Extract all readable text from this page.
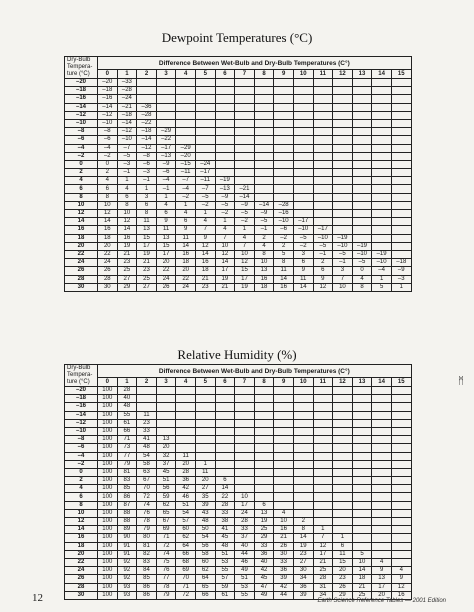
Dewpoint Temperatures (°C)
Dry-Bulb Tempera- ture (°C)	Difference Between Wet-Bulb and Dry-Bulb Temperatures (C°)															
	0	1	2	3	4	5	6	7	8	9	10	11	12	13	14	15
–20	–20	–33														
–18	–18	–28														
–16	–16	–24														
–14	–14	–21	–36													
–12	–12	–18	–28													
–10	–10	–14	–22													
–8	–8	–12	–18	–29												
–6	–6	–10	–14	–22												
–4	–4	–7	–12	–17	–29											
–2	–2	–5	–8	–13	–20											
0	0	–3	–6	–9	–15	–24										
2	2	–1	–3	–6	–11	–17										
4	4	1	–1	–4	–7	–11	–19									
6	6	4	1	–1	–4	–7	–13	–21								
8	8	6	3	1	–2	–5	–9	–14								
10	10	8	6	4	1	–2	–5	–9	–14	–28						
12	12	10	8	6	4	1	–2	–5	–9	–16						
14	14	12	11	9	6	4	1	–2	–5	–10	–17					
16	16	14	13	11	9	7	4	1	–1	–6	–10	–17				
18	18	16	15	13	11	9	7	4	2	–2	–5	–10	–19			
20	20	19	17	15	14	12	10	7	4	2	–2	–5	–10	–19		
22	22	21	19	17	16	14	12	10	8	5	3	–1	–5	–10	–19	
24	24	23	21	20	18	16	14	12	10	8	6	2	–1	–5	–10	–18
26	26	25	23	22	20	18	17	15	13	11	9	6	3	0	–4	–9
28	28	27	25	24	22	21	19	17	16	14	11	9	7	4	1	–3
30	30	29	27	26	24	23	21	19	18	16	14	12	10	8	5	1
Relative Humidity (%)
Dry-Bulb Tempera- ture (°C)	Difference Between Wet-Bulb and Dry-Bulb Temperatures (C°)															
	0	1	2	3	4	5	6	7	8	9	10	11	12	13	14	15
–20	100	28														
–18	100	40														
–16	100	48														
–14	100	55	11													
–12	100	61	23													
–10	100	66	33													
–8	100	71	41	13												
–6	100	73	48	20												
–4	100	77	54	32	11											
–2	100	79	58	37	20	1										
0	100	81	63	45	28	11										
2	100	83	67	51	36	20	6									
4	100	85	70	56	42	27	14									
6	100	86	72	59	46	35	22	10								
8	100	87	74	62	51	39	28	17	6							
10	100	88	76	65	54	43	33	24	13	4						
12	100	88	78	67	57	48	38	28	19	10	2					
14	100	89	79	69	60	50	41	33	25	16	8	1				
16	100	90	80	71	62	54	45	37	29	21	14	7	1			
18	100	91	81	72	64	56	48	40	33	26	19	12	6			
20	100	91	82	74	66	58	51	44	36	30	23	17	11	5		
22	100	92	83	75	68	60	53	46	40	33	27	21	15	10	4	
24	100	92	84	76	69	62	55	49	42	36	30	25	20	14	9	4
26	100	92	85	77	70	64	57	51	45	39	34	28	23	18	13	9
28	100	93	86	78	71	65	59	53	47	42	36	31	26	21	17	12
30	100	93	86	79	72	66	61	55	49	44	39	34	29	25	20	16
12	Earth Science Reference Tables — 2001 Edition
ᛗ
